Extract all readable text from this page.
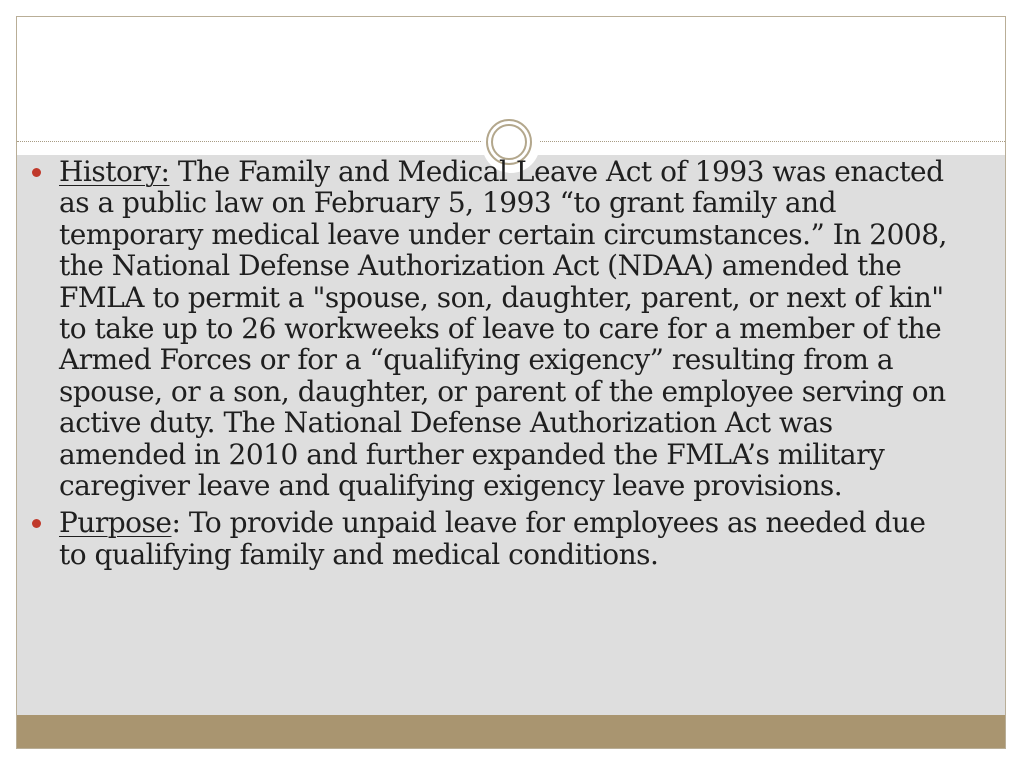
History: The Family and Medical Leave Act of 1993 was enacted as a public law on February 5, 1993 “to grant family and temporary medical leave under certain circumstances.” In 2008, the National Defense Authorization Act (NDAA) amended the FMLA to permit a "spouse, son, daughter, parent, or next of kin" to take up to 26 workweeks of leave to care for a member of the Armed Forces or for a “qualifying exigency” resulting from a spouse, or a son, daughter, or parent of the employee serving on active duty. The National Defense Authorization Act was amended in 2010 and further expanded the FMLA’s military caregiver leave and qualifying exigency leave provisions.
Purpose: To provide unpaid leave for employees as needed due to qualifying family and medical conditions.
